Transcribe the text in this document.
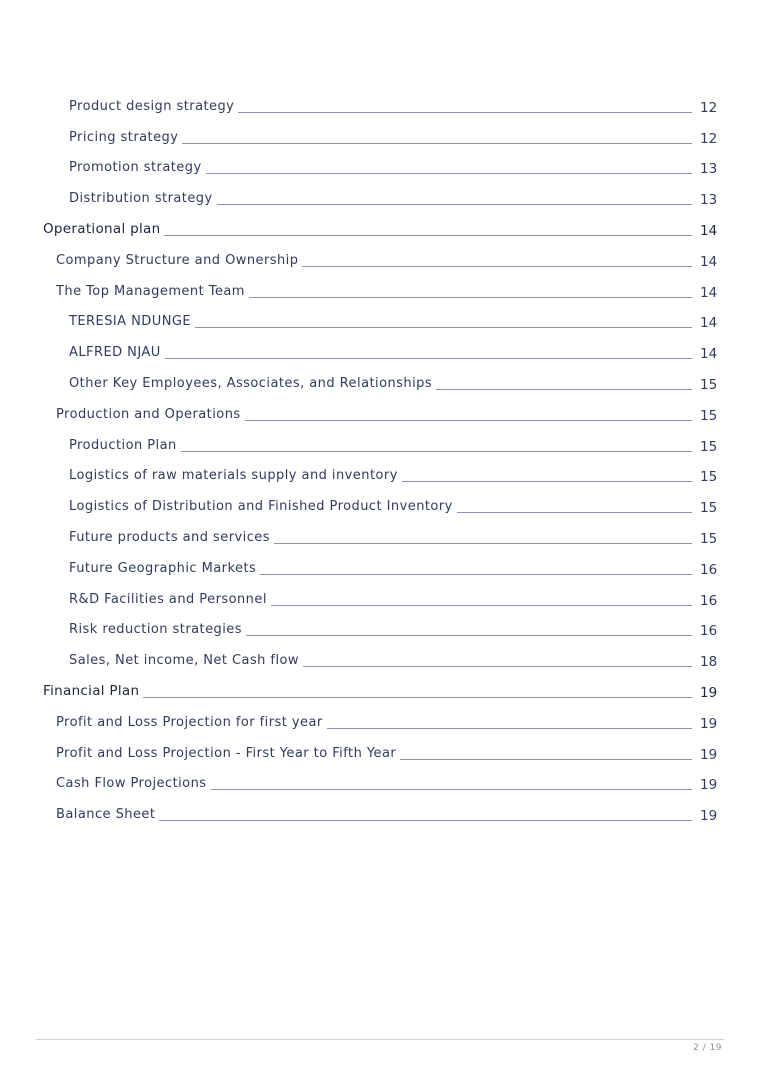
Product design strategy	12
Pricing strategy	12
Promotion strategy	13
Distribution strategy	13
Operational plan	14
Company Structure and Ownership	14
The Top Management Team	14
TERESIA NDUNGE	14
ALFRED NJAU	14
Other Key Employees, Associates, and Relationships	15
Production and Operations	15
Production Plan	15
Logistics of raw materials supply and inventory	15
Logistics of Distribution and Finished Product Inventory	15
Future products and services	15
Future Geographic Markets	16
R&D Facilities and Personnel	16
Risk reduction strategies	16
Sales, Net income, Net Cash flow	18
Financial Plan	19
Profit and Loss Projection for first year	19
Profit and Loss Projection - First Year to Fifth Year	19
Cash Flow Projections	19
Balance Sheet	19
2 / 19
